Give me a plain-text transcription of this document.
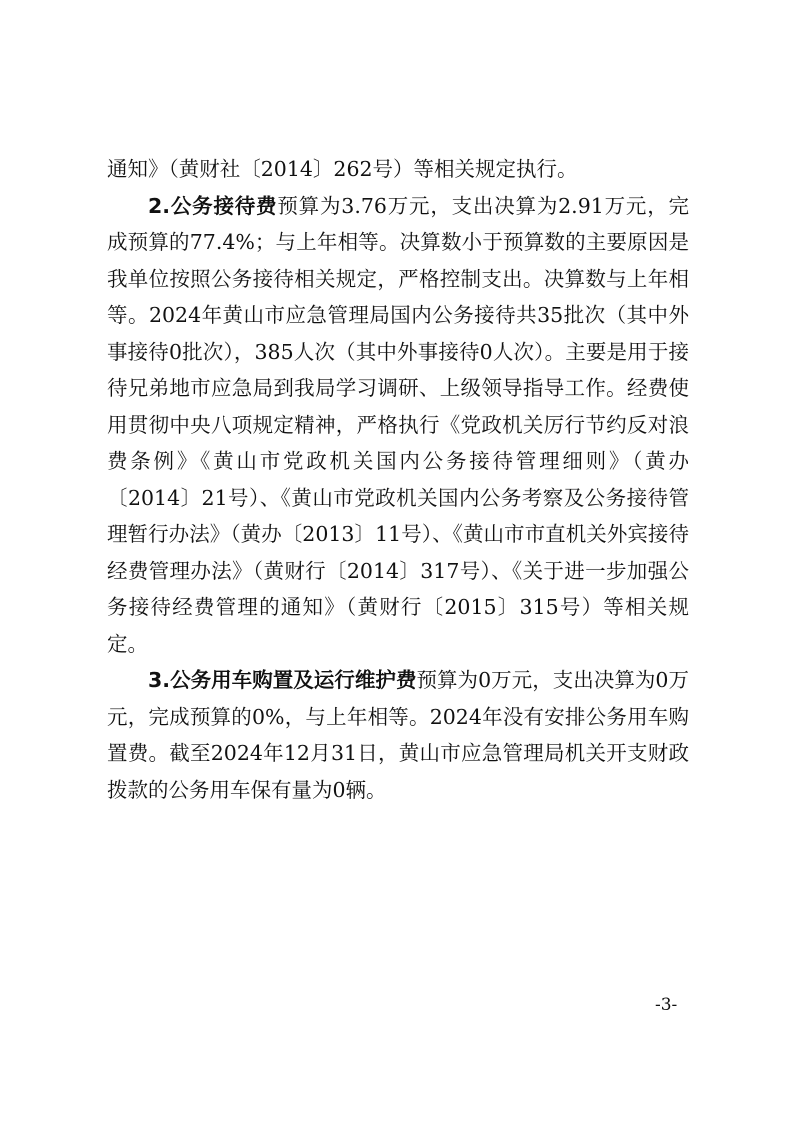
通知》（黄财社〔2014〕262号）等相关规定执行。

2.公务接待费预算为3.76万元，支出决算为2.91万元，完成预算的77.4%；与上年相等。决算数小于预算数的主要原因是我单位按照公务接待相关规定，严格控制支出。决算数与上年相等。2024年黄山市应急管理局国内公务接待共35批次（其中外事接待0批次），385人次（其中外事接待0人次）。主要是用于接待兄弟地市应急局到我局学习调研、上级领导指导工作。经费使用贯彻中央八项规定精神，严格执行《党政机关厉行节约反对浪费条例》《黄山市党政机关国内公务接待管理细则》（黄办〔2014〕21号）、《黄山市党政机关国内公务考察及公务接待管理暂行办法》（黄办〔2013〕11号）、《黄山市市直机关外宾接待经费管理办法》（黄财行〔2014〕317号）、《关于进一步加强公务接待经费管理的通知》（黄财行〔2015〕315号）等相关规定。

3.公务用车购置及运行维护费预算为0万元，支出决算为0万元，完成预算的0%，与上年相等。2024年没有安排公务用车购置费。截至2024年12月31日，黄山市应急管理局机关开支财政拨款的公务用车保有量为0辆。

-3-
